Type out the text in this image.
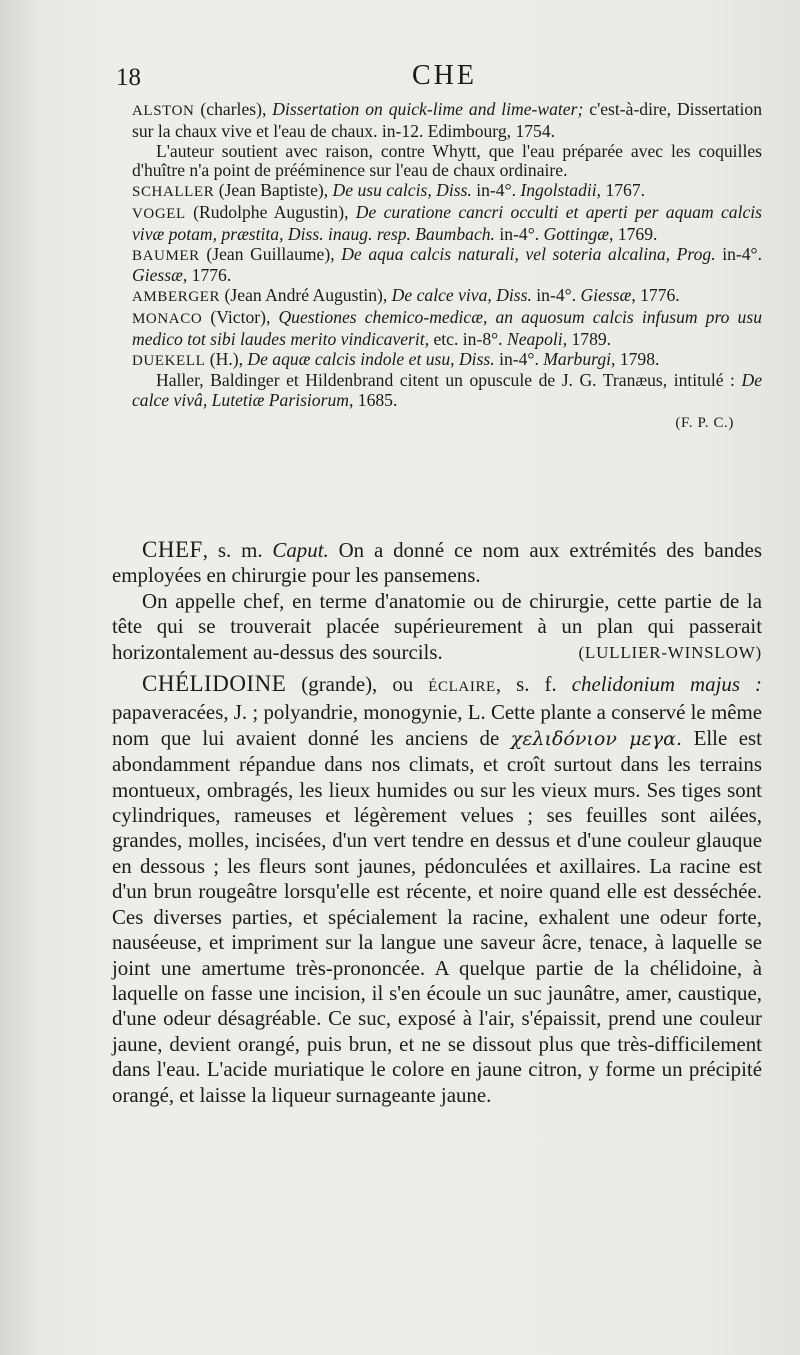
18	CHE

ALSTON (charles), Dissertation on quick-lime and lime-water; c'est-à-dire, Dissertation sur la chaux vive et l'eau de chaux. in-12. Edimbourg, 1754.

L'auteur soutient avec raison, contre Whytt, que l'eau préparée avec les coquilles d'huître n'a point de prééminence sur l'eau de chaux ordinaire.

SCHALLER (Jean Baptiste), De usu calcis, Diss. in-4°. Ingolstadii, 1767.

VOGEL (Rudolphe Augustin), De curatione cancri occulti et aperti per aquam calcis vivæ potam, præstita, Diss. inaug. resp. Baumbach. in-4°. Gottingæ, 1769.

BAUMER (Jean Guillaume), De aqua calcis naturali, vel soteria alcalina, Prog. in-4°. Giessæ, 1776.

AMBERGER (Jean André Augustin), De calce viva, Diss. in-4°. Giessæ, 1776.

MONACO (Victor), Questiones chemico-medicæ, an aquosum calcis infusum pro usu medico tot sibi laudes merito vindicaverit, etc. in-8°. Neapoli, 1789.

DUEKELL (H.), De aquæ calcis indole et usu, Diss. in-4°. Marburgi, 1798.

Haller, Baldinger et Hildenbrand citent un opuscule de J. G. Tranæus, intitulé : De calce vivâ, Lutetiæ Parisiorum, 1685.

(F. P. C.)

CHEF, s. m. Caput. On a donné ce nom aux extrémités des bandes employées en chirurgie pour les pansemens.

On appelle chef, en terme d'anatomie ou de chirurgie, cette partie de la tête qui se trouverait placée supérieurement à un plan qui passerait horizontalement au-dessus des sourcils.	(LULLIER-WINSLOW)

CHÉLIDOINE (grande), ou ÉCLAIRE, s. f. chelidonium majus : papaveracées, J. ; polyandrie, monogynie, L. Cette plante a conservé le même nom que lui avaient donné les anciens de χελιδόνιον μεγα. Elle est abondamment répandue dans nos climats, et croît surtout dans les terrains montueux, ombragés, les lieux humides ou sur les vieux murs. Ses tiges sont cylindriques, rameuses et légèrement velues ; ses feuilles sont ailées, grandes, molles, incisées, d'un vert tendre en dessus et d'une couleur glauque en dessous ; les fleurs sont jaunes, pédonculées et axillaires. La racine est d'un brun rougeâtre lorsqu'elle est récente, et noire quand elle est desséchée. Ces diverses parties, et spécialement la racine, exhalent une odeur forte, nauséeuse, et impriment sur la langue une saveur âcre, tenace, à laquelle se joint une amertume très-prononcée. A quelque partie de la chélidoine, à laquelle on fasse une incision, il s'en écoule un suc jaunâtre, amer, caustique, d'une odeur désagréable. Ce suc, exposé à l'air, s'épaissit, prend une couleur jaune, devient orangé, puis brun, et ne se dissout plus que très-difficilement dans l'eau. L'acide muriatique le colore en jaune citron, y forme un précipité orangé, et laisse la liqueur surnageante jaune.
